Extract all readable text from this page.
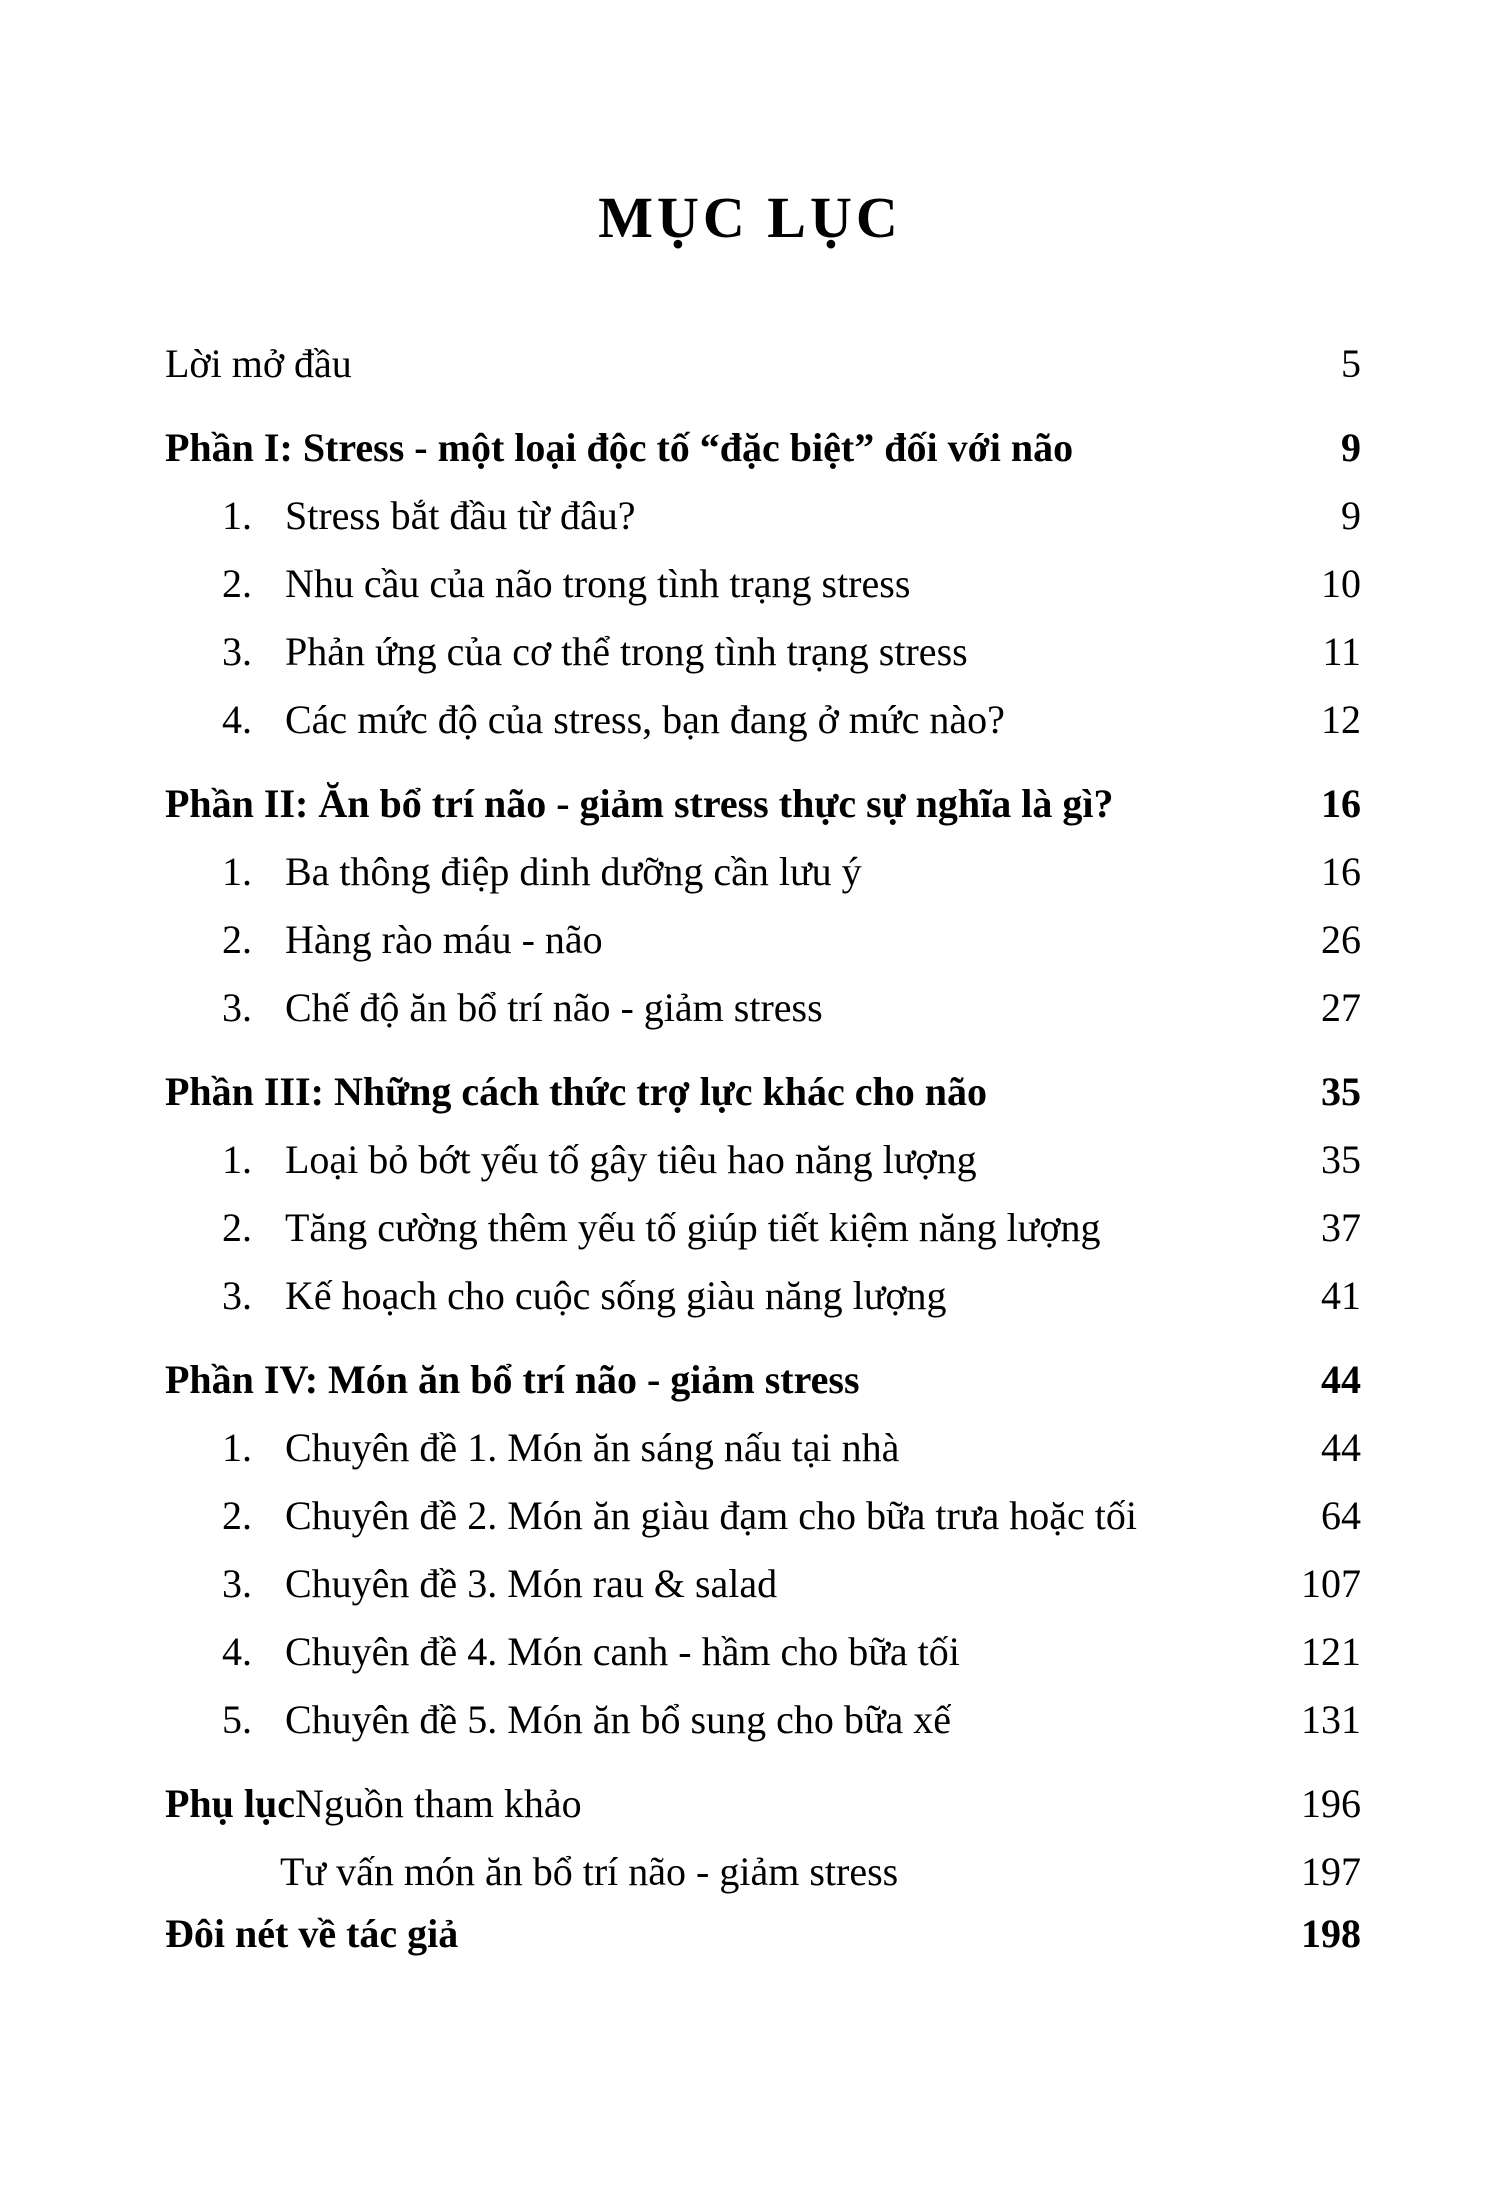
MỤC LỤC
Lời mở đầu	5
Phần I: Stress - một loại độc tố “đặc biệt” đối với não	9
1. Stress bắt đầu từ đâu?	9
2. Nhu cầu của não trong tình trạng stress	10
3. Phản ứng của cơ thể trong tình trạng stress	11
4. Các mức độ của stress, bạn đang ở mức nào?	12
Phần II: Ăn bổ trí não - giảm stress thực sự nghĩa là gì?	16
1. Ba thông điệp dinh dưỡng cần lưu ý	16
2. Hàng rào máu - não	26
3. Chế độ ăn bổ trí não - giảm stress	27
Phần III: Những cách thức trợ lực khác cho não	35
1. Loại bỏ bớt yếu tố gây tiêu hao năng lượng	35
2. Tăng cường thêm yếu tố giúp tiết kiệm năng lượng	37
3. Kế hoạch cho cuộc sống giàu năng lượng	41
Phần IV: Món ăn bổ trí não - giảm stress	44
1. Chuyên đề 1. Món ăn sáng nấu tại nhà	44
2. Chuyên đề 2. Món ăn giàu đạm cho bữa trưa hoặc tối	64
3. Chuyên đề 3. Món rau & salad	107
4. Chuyên đề 4. Món canh - hầm cho bữa tối	121
5. Chuyên đề 5. Món ăn bổ sung cho bữa xế	131
Phụ lục Nguồn tham khảo	196
Tư vấn món ăn bổ trí não - giảm stress	197
Đôi nét về tác giả	198
